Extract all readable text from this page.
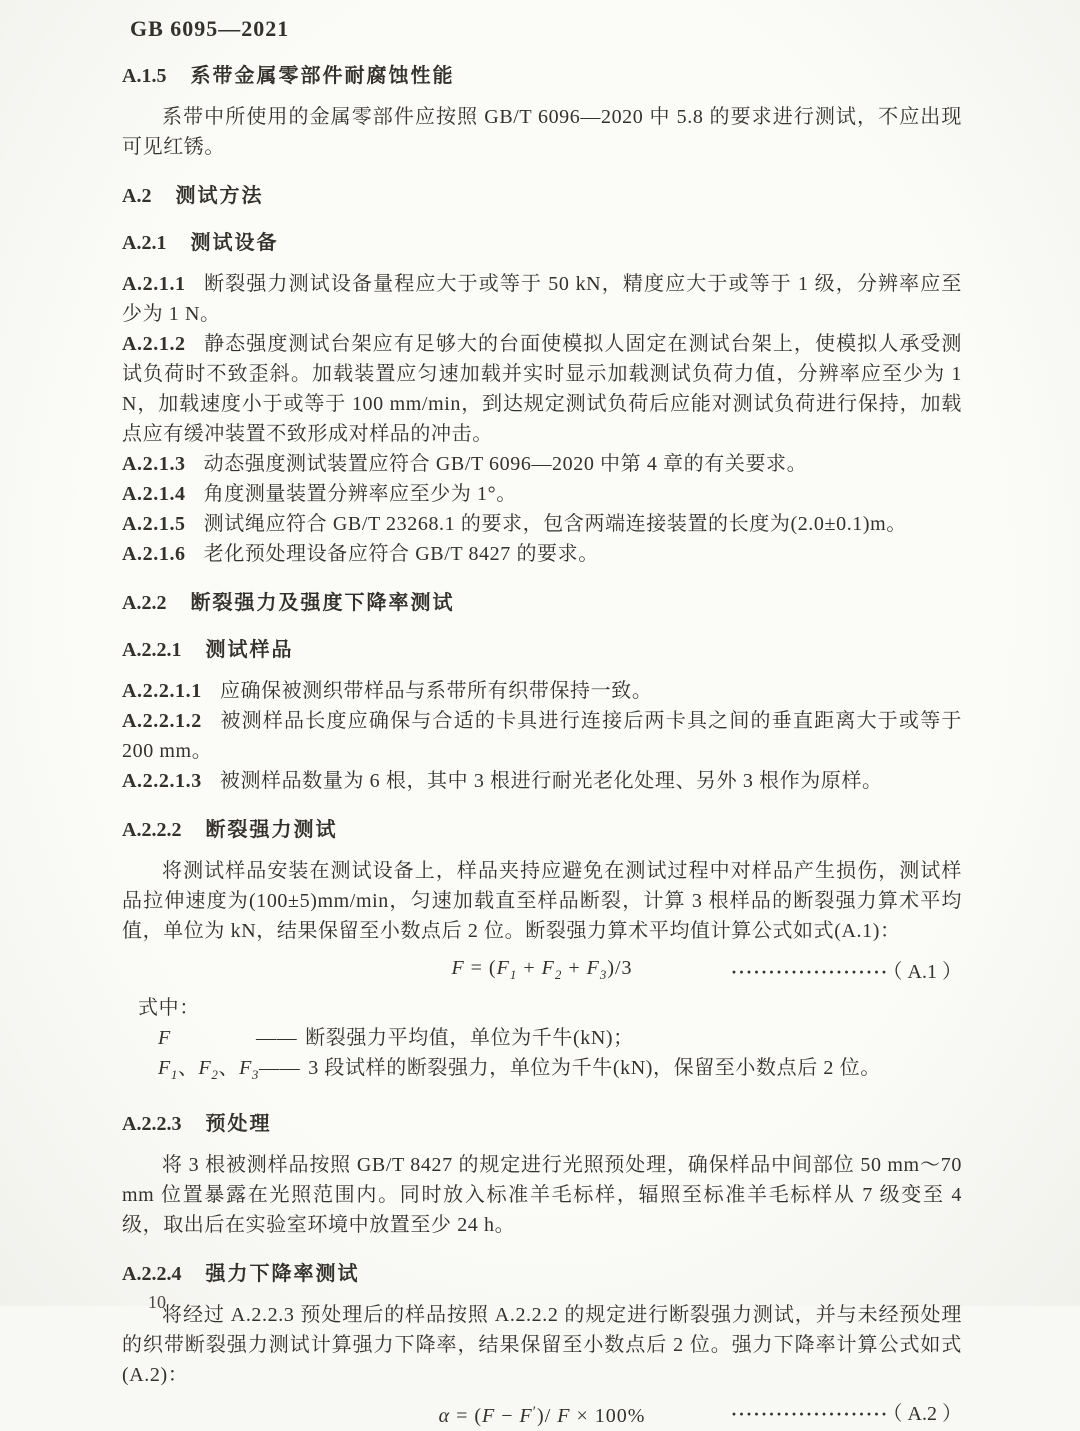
GB 6095—2021
A.1.5 系带金属零部件耐腐蚀性能

系带中所使用的金属零部件应按照 GB/T 6096—2020 中 5.8 的要求进行测试，不应出现可见红锈。

A.2 测试方法
A.2.1 测试设备

A.2.1.1 断裂强力测试设备量程应大于或等于 50 kN，精度应大于或等于 1 级，分辨率应至少为 1 N。

A.2.1.2 静态强度测试台架应有足够大的台面使模拟人固定在测试台架上，使模拟人承受测试负荷时不致歪斜。加载装置应匀速加载并实时显示加载测试负荷力值，分辨率应至少为 1 N，加载速度小于或等于 100 mm/min，到达规定测试负荷后应能对测试负荷进行保持，加载点应有缓冲装置不致形成对样品的冲击。

A.2.1.3 动态强度测试装置应符合 GB/T 6096—2020 中第 4 章的有关要求。

A.2.1.4 角度测量装置分辨率应至少为 1°。

A.2.1.5 测试绳应符合 GB/T 23268.1 的要求，包含两端连接装置的长度为(2.0±0.1)m。

A.2.1.6 老化预处理设备应符合 GB/T 8427 的要求。

A.2.2 断裂强力及强度下降率测试
A.2.2.1 测试样品

A.2.2.1.1 应确保被测织带样品与系带所有织带保持一致。

A.2.2.1.2 被测样品长度应确保与合适的卡具进行连接后两卡具之间的垂直距离大于或等于 200 mm。

A.2.2.1.3 被测样品数量为 6 根，其中 3 根进行耐光老化处理、另外 3 根作为原样。

A.2.2.2 断裂强力测试

将测试样品安装在测试设备上，样品夹持应避免在测试过程中对样品产生损伤，测试样品拉伸速度为(100±5)mm/min，匀速加载直至样品断裂，计算 3 根样品的断裂强力算术平均值，单位为 kN，结果保留至小数点后 2 位。断裂强力算术平均值计算公式如式(A.1)：

$F = (F_1 + F_2 + F_3)/3$	····················· （ A.1 ）

式中：

F	—— 断裂强力平均值，单位为千牛(kN)；
$F_1$、$F_2$、$F_3$ —— 3 段试样的断裂强力，单位为千牛(kN)，保留至小数点后 2 位。
A.2.2.3 预处理

将 3 根被测样品按照 GB/T 8427 的规定进行光照预处理，确保样品中间部位 50 mm～70 mm 位置暴露在光照范围内。同时放入标准羊毛标样，辐照至标准羊毛标样从 7 级变至 4 级，取出后在实验室环境中放置至少 24 h。

A.2.2.4 强力下降率测试

将经过 A.2.2.3 预处理后的样品按照 A.2.2.2 的规定进行断裂强力测试，并与未经预处理的织带断裂强力测试计算强力下降率，结果保留至小数点后 2 位。强力下降率计算公式如式(A.2)：

α = (F − F′)/ F × 100%	····················· （ A.2 ）
10
